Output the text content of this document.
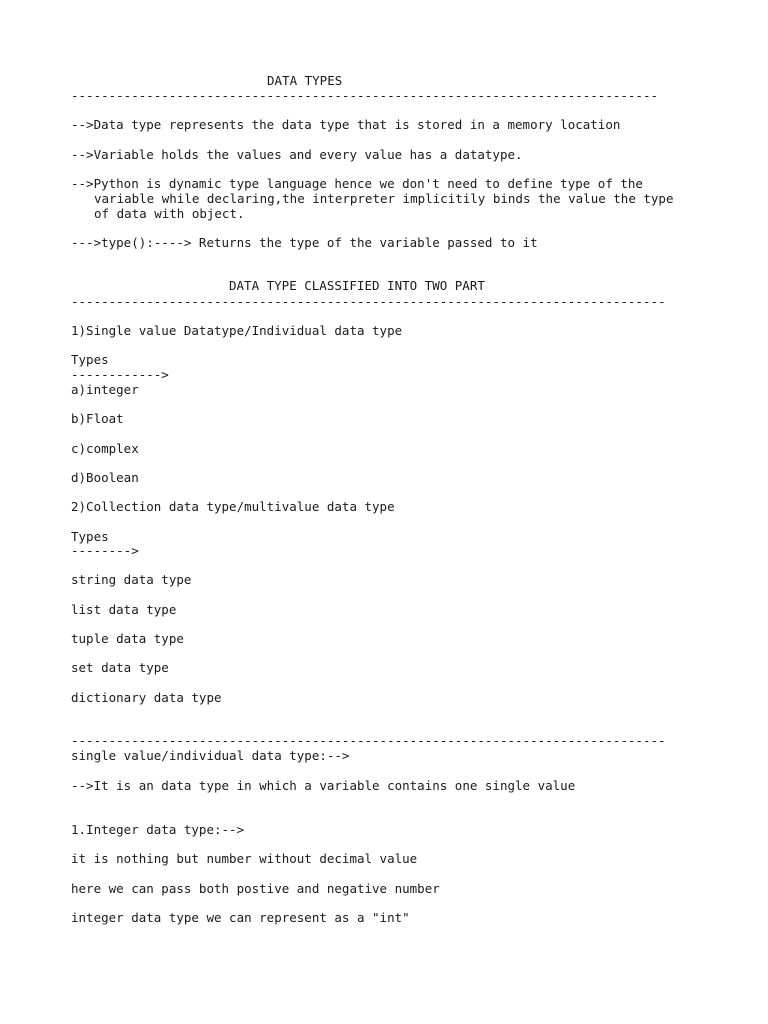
DATA TYPES
------------------------------------------------------------------------------
-->Data type represents the data type that is stored in a memory location
-->Variable holds the values and every value has a datatype.
-->Python is dynamic type language hence we don't need to define type of the
variable while declaring,the interpreter implicitily binds the value the type
of data with object.
--->type():----> Returns the type of the variable passed to it
DATA TYPE CLASSIFIED INTO TWO PART
-------------------------------------------------------------------------------
1)Single value Datatype/Individual data type
Types
------------>
a)integer
b)Float
c)complex
d)Boolean
2)Collection data type/multivalue data type
Types
-------->
string data type
list data type
tuple data type
set data type
dictionary data type
-------------------------------------------------------------------------------
single value/individual data type:-->
-->It is an data type in which a variable contains one single value
1.Integer data type:-->
it is nothing but number without decimal value
here we can pass both postive and negative number
integer data type we can represent as a "int"
